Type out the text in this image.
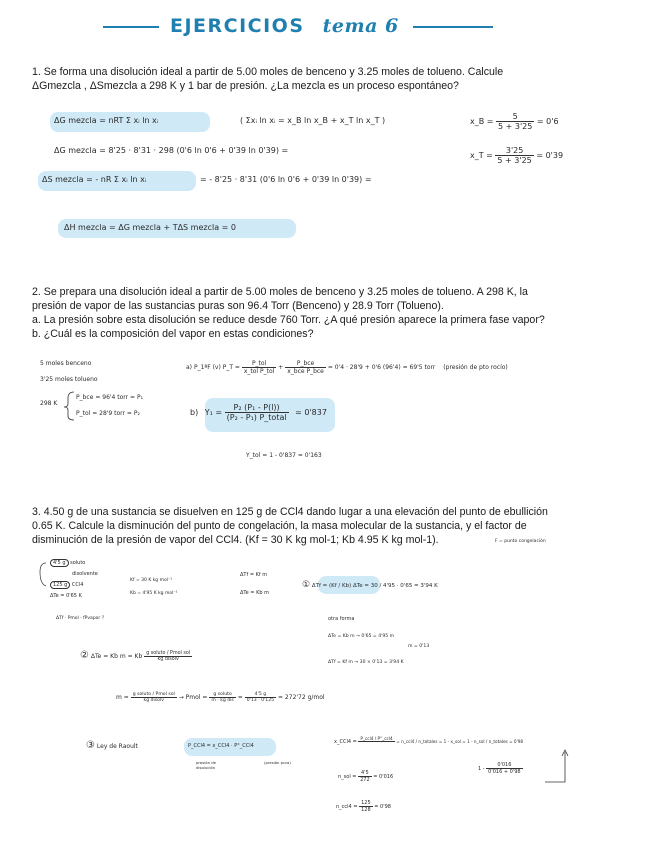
EJERCICIOS tema 6
1. Se forma una disolución ideal a partir de 5.00 moles de benceno y 3.25 moles de tolueno. Calcule
ΔGmezcla , ΔSmezcla a 298 K y 1 bar de presión. ¿La mezcla es un proceso espontáneo?
ΔG mezcla = nRT Σ xᵢ ln xᵢ	( Σxᵢ ln xᵢ = x_B ln x_B + x_T ln x_T )	x_B = $\frac{5}{5 + 3'25} = 0'6$
ΔG mezcla = 8'25 · 8'31 · 298 (0'6 ln 0'6 + 0'39 ln 0'39) =
x_T = $\frac{3'25}{5 + 3'25} = 0'39$
ΔS mezcla = - nR Σ xᵢ ln xᵢ	= - 8'25 · 8'31 (0'6 ln 0'6 + 0'39 ln 0'39) =
ΔH mezcla = ΔG mezcla + TΔS mezcla = 0
2. Se prepara una disolución ideal a partir de 5.00 moles de benceno y 3.25 moles de tolueno. A 298 K, la
presión de vapor de las sustancias puras son 96.4 Torr (Benceno) y 28.9 Torr (Tolueno).
a. La presión sobre esta disolución se reduce desde 760 Torr. ¿A qué presión aparece la primera fase vapor?
b. ¿Cuál es la composición del vapor en estas condiciones?
5 moles benceno
3'25 moles tolueno
298 K
P_bce = 96'4 torr = P₁
P_tol = 28'9 torr = P₂
a) P_1ªF (v) P_T = $\frac{\text{P\_tol}}{\text{x\_tol P\_tol}} + \frac{\text{P\_bce}}{\text{x\_bce P\_bce}} = 0'4 \cdot 28'9 + 0'6$ (96'4) = 69'5 torr (presión de pto rocío)
b) $Y_1 = \frac{\text{P₂ (P₁ - P(l))}}{\text{(P₂ - P₁) P\_total}} = 0'837$
Y_tol = 1 - 0'837 = 0'163
3. 4.50 g de una sustancia se disuelven en 125 g de CCl4 dando lugar a una elevación del punto de ebullición
0.65 K. Calcule la disminución del punto de congelación, la masa molecular de la sustancia, y el factor de
disminución de la presión de vapor del CCl4. (Kf = 30 K kg mol-1; Kb 4.95 K kg mol-1).	F = punto congelación
4'5 g soluto
disolvente
125 g CCl4
ΔTe = 0'65 K
ΔTf · Pmol · fPvapor ?
Kf = 30 K kg mol⁻¹
Kb = 4'95 K kg mol⁻¹
ΔTf = Kf m
ΔTe = Kb m
① ΔTf = (Kf / Kb) ΔTe = 30 / 4'95 · 0'65 = 3'94 K
otra forma
ΔTe = Kb m → 0'65 = 4'95 m
m = 0'13
ΔTf = Kf m → 30 × 0'13 = 3'94 K
② ΔTe = Kb m = Kb $\frac{\text{g soluto / Pmol sol}}{\text{kg disolv}}$
$m = \frac{\text{g soluto / Pmol sol}}{\text{kg disolv}}$ → Pmol = $\frac{\text{g soluto}}{\text{m · kg dis}} = \frac{4'5 g}{0'13 \cdot 0'125} = 272'72$ g/mol
③ Ley de Raoult	P_CCl4 = x_CCl4 · P°_CCl4
presión de disolución
(presión pura)
x_CCl4 =
P_ccl4 / P°_ccl4

= n_ccl4 / n_totales = 1 - x_sol = 1 - n_sol / n_totales = 0'98
n_sol = $\frac{4'5}{272} = 0'016$
$1 - \frac{0'016}{0'016 + 0'98}$
n_ccl4 = $\frac{125}{128} = 0'98$
